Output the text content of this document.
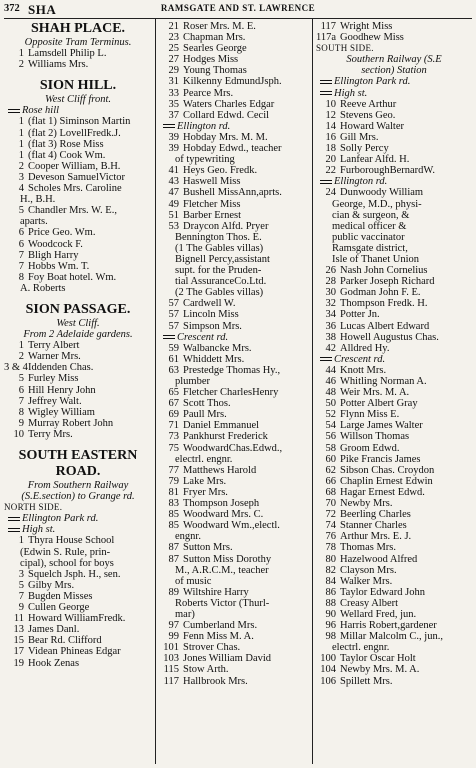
372 SHA	RAMSGATE AND ST. LAWRENCE
SHAH PLACE.
Opposite Tram Terminus.
1 Lamsdell Philip L.
2 Williams Mrs.
SION HILL.
West Cliff front.
Rose hill
1 (flat 1) Siminson Martin
1 (flat 2) LovellFredk.J.
1 (flat 3) Rose Miss
1 (flat 4) Cook Wm.
2 Cooper William, B.H.
3 Deveson SamuelVictor
4 Scholes Mrs. Caroline
H., B.H.
5 Chandler Mrs. W. E.,
aparts.
6 Price Geo. Wm.
6 Woodcock F.
7 Bligh Harry
7 Hobbs Wm. T.
8 Foy Boat hotel. Wm.
A. Roberts
SION PASSAGE.
West Cliff.
From 2 Adelaide gardens.
1 Terry Albert
2 Warner Mrs.
3 & 4Iddenden Chas.
5 Furley Miss
6 Hill Henry John
7 Jeffrey Walt.
8 Wigley William
9 Murray Robert John
10 Terry Mrs.
SOUTH EASTERN
ROAD.
From Southern Railway
(S.E.section) to Grange rd.
NORTH SIDE.
Ellington Park rd.
High st.
1 Thyra House School
(Edwin S. Rule, prin-
cipal), school for boys
3 Squelch Jsph. H., sen.
5 Gilby Mrs.
7 Bugden Misses
9 Cullen George
11 Howard WilliamFredk.
13 James Danl.
15 Bear Rd. Clifford
17 Videan Phineas Edgar
19 Hook Zenas
21 Roser Mrs. M. E.
23 Chapman Mrs.
25 Searles George
27 Hodges Miss
29 Young Thomas
31 Kilkenny EdmundJsph.
33 Pearce Mrs.
35 Waters Charles Edgar
37 Collard Edwd. Cecil
Ellington rd.
39 Hobday Mrs. M. M.
39 Hobday Edwd., teacher
of typewriting
41 Heys Geo. Fredk.
43 Haswell Miss
47 Bushell MissAnn,aprts.
49 Fletcher Miss
51 Barber Ernest
53 Draycon Alfd. Pryer
Bennington Thos. E.
(1 The Gables villas)
Bignell Percy,assistant
supt. for the Pruden-
tial AssuranceCo.Ltd.
(2 The Gables villas)
57 Cardwell W.
57 Lincoln Miss
57 Simpson Mrs.
Crescent rd.
59 Walbancke Mrs.
61 Whiddett Mrs.
63 Prestedge Thomas Hy.,
plumber
65 Fletcher CharlesHenry
67 Scott Thos.
69 Paull Mrs.
71 Daniel Emmanuel
73 Pankhurst Frederick
75 WoodwardChas.Edwd.,
electrl. engnr.
77 Matthews Harold
79 Lake Mrs.
81 Fryer Mrs.
83 Thompson Joseph
85 Woodward Mrs. C.
85 Woodward Wm.,electl.
engnr.
87 Sutton Mrs.
87 Sutton Miss Dorothy
M., A.R.C.M., teacher
of music
89 Wiltshire Harry
Roberts Victor (Thurl-
mar)
97 Cumberland Mrs.
99 Fenn Miss M. A.
101 Strover Chas.
103 Jones William David
115 Stow Arth.
117 Hallbrook Mrs.
117 Wright Miss
117a Goodhew Miss
SOUTH SIDE.
Southern Railway (S.E
section) Station
Ellington Park rd.
High st.
10 Reeve Arthur
12 Stevens Geo.
14 Howard Walter
16 Gill Mrs.
18 Solly Percy
20 Lanfear Alfd. H.
22 FurboroughBernardW.
Ellington rd.
24 Dunwoody William
George, M.D., physi-
cian & surgeon, &
medical officer &
public vaccinator
Ramsgate district,
Isle of Thanet Union
26 Nash John Cornelius
28 Parker Joseph Richard
30 Godman John F. E.
32 Thompson Fredk. H.
34 Potter Jn.
36 Lucas Albert Edward
38 Howell Augustus Chas.
42 Alldred Hy.
Crescent rd.
44 Knott Mrs.
46 Whitling Norman A.
48 Weir Mrs. M. A.
50 Potter Albert Gray
52 Flynn Miss E.
54 Large James Walter
56 Willson Thomas
58 Groom Edwd.
60 Pike Francis James
62 Sibson Chas. Croydon
66 Chaplin Ernest Edwin
68 Hagar Ernest Edwd.
70 Newby Mrs.
72 Beerling Charles
74 Stanner Charles
76 Arthur Mrs. E. J.
78 Thomas Mrs.
80 Hazelwood Alfred
82 Clayson Mrs.
84 Walker Mrs.
86 Taylor Edward John
88 Creasy Albert
90 Wellard Fred, jun.
96 Harris Robert,gardener
98 Millar Malcolm C., jun.,
electrl. engnr.
100 Taylor Oscar Holt
104 Newby Mrs. M. A.
106 Spillett Mrs.
